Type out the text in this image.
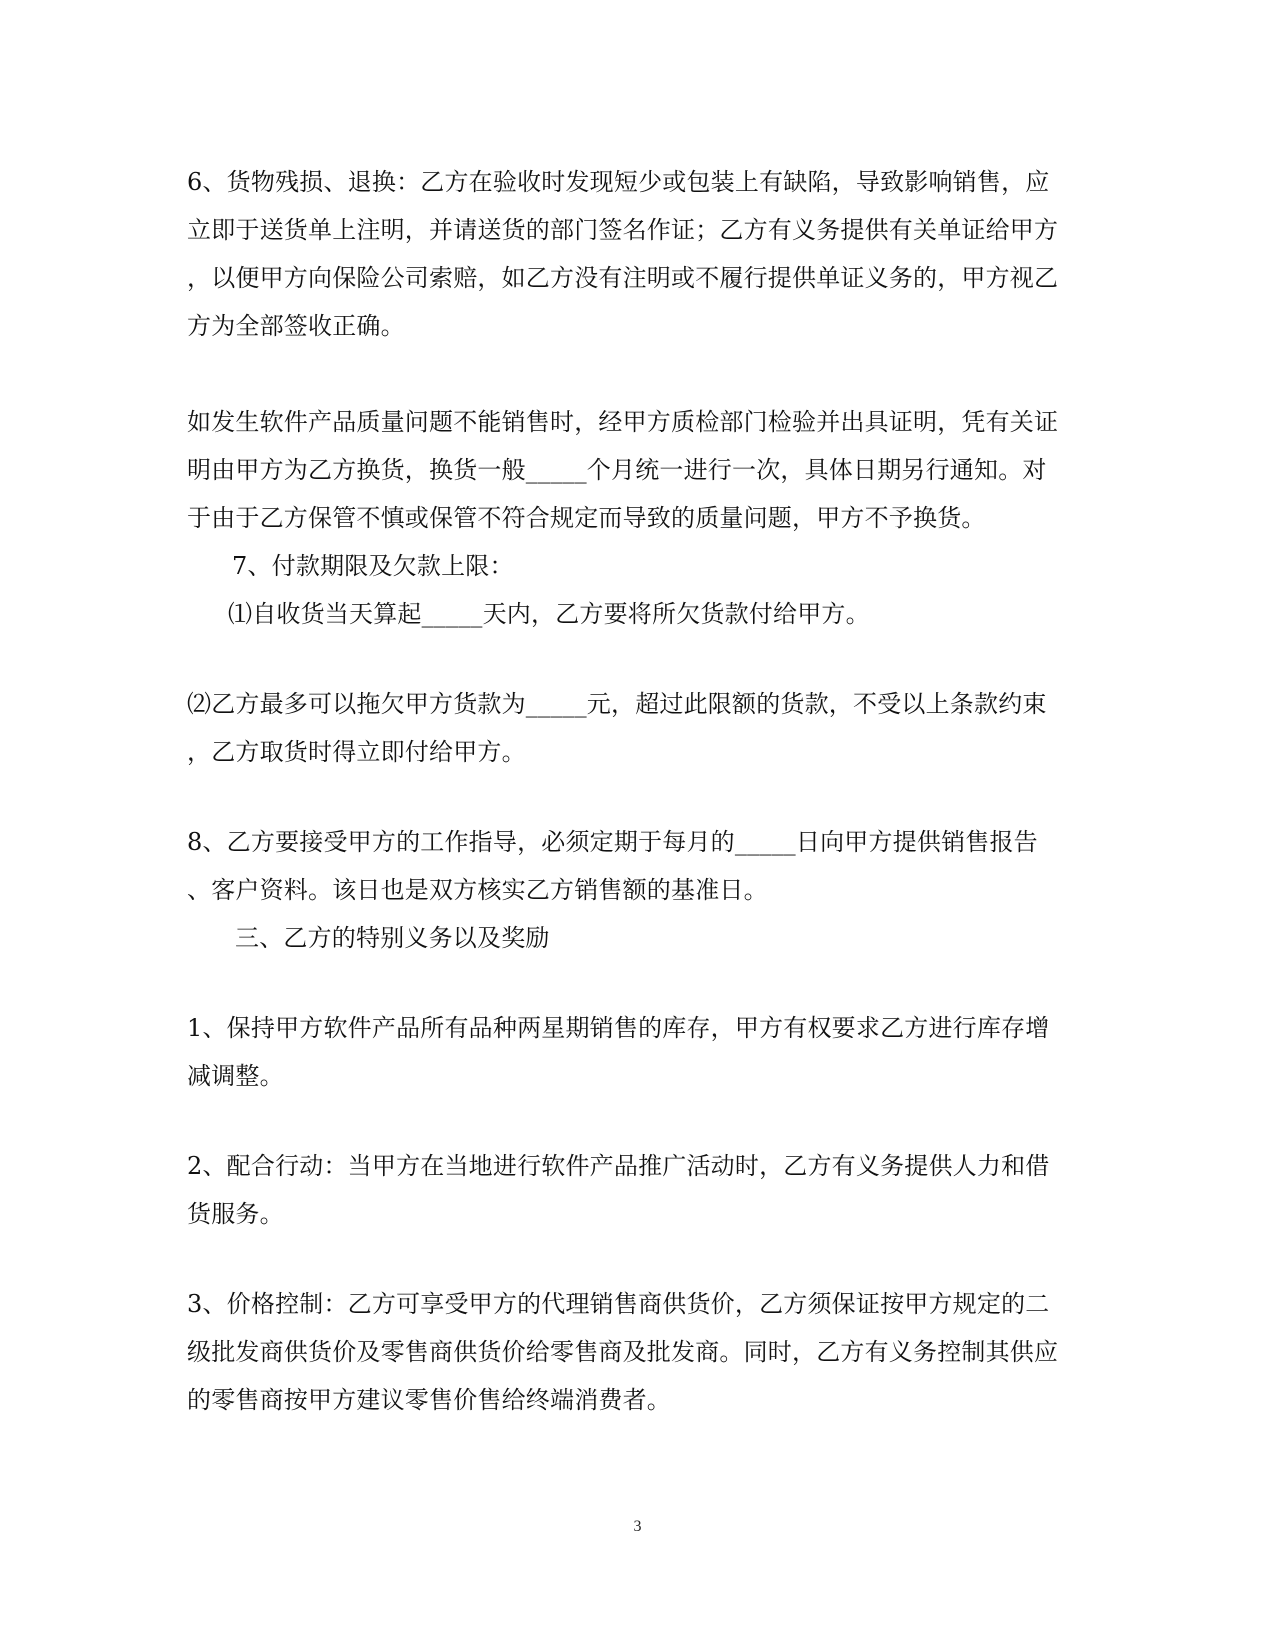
6、货物残损、退换：乙方在验收时发现短少或包装上有缺陷，导致影响销售，应
立即于送货单上注明，并请送货的部门签名作证；乙方有义务提供有关单证给甲方
，以便甲方向保险公司索赔，如乙方没有注明或不履行提供单证义务的，甲方视乙
方为全部签收正确。
如发生软件产品质量问题不能销售时，经甲方质检部门检验并出具证明，凭有关证
明由甲方为乙方换货，换货一般_____个月统一进行一次，具体日期另行通知。对
于由于乙方保管不慎或保管不符合规定而导致的质量问题，甲方不予换货。
7、付款期限及欠款上限：
⑴自收货当天算起_____天内，乙方要将所欠货款付给甲方。
⑵乙方最多可以拖欠甲方货款为_____元，超过此限额的货款，不受以上条款约束
，乙方取货时得立即付给甲方。
8、乙方要接受甲方的工作指导，必须定期于每月的_____日向甲方提供销售报告
、客户资料。该日也是双方核实乙方销售额的基准日。
三、乙方的特别义务以及奖励
1、保持甲方软件产品所有品种两星期销售的库存，甲方有权要求乙方进行库存增
减调整。
2、配合行动：当甲方在当地进行软件产品推广活动时，乙方有义务提供人力和借
货服务。
3、价格控制：乙方可享受甲方的代理销售商供货价，乙方须保证按甲方规定的二
级批发商供货价及零售商供货价给零售商及批发商。同时，乙方有义务控制其供应
的零售商按甲方建议零售价售给终端消费者。
3
